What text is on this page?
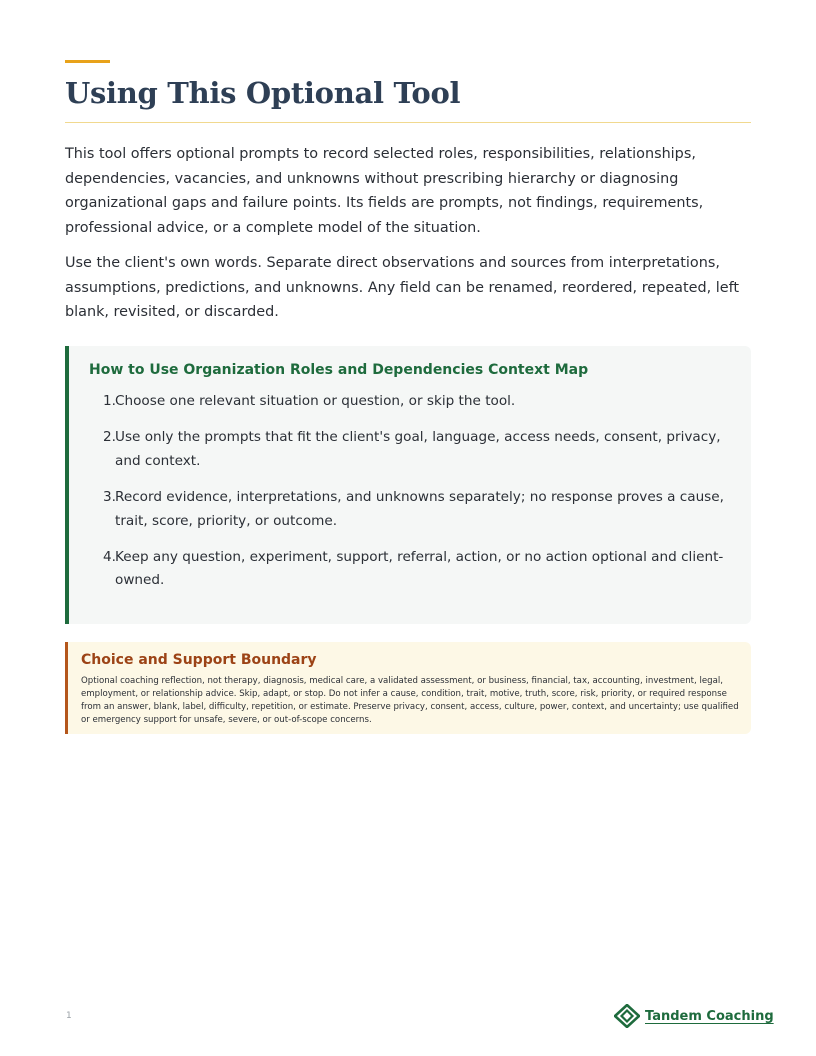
Using This Optional Tool

This tool offers optional prompts to record selected roles, responsibilities, relationships, dependencies, vacancies, and unknowns without prescribing hierarchy or diagnosing organizational gaps and failure points. Its fields are prompts, not findings, requirements, professional advice, or a complete model of the situation.

Use the client's own words. Separate direct observations and sources from interpretations, assumptions, predictions, and unknowns. Any field can be renamed, reordered, repeated, left blank, revisited, or discarded.

How to Use Organization Roles and Dependencies Context Map
1. Choose one relevant situation or question, or skip the tool.
2. Use only the prompts that fit the client's goal, language, access needs, consent, privacy, and context.
3. Record evidence, interpretations, and unknowns separately; no response proves a cause, trait, score, priority, or outcome.
4. Keep any question, experiment, support, referral, action, or no action optional and client-owned.
Choice and Support Boundary

Optional coaching reflection, not therapy, diagnosis, medical care, a validated assessment, or business, financial, tax, accounting, investment, legal, employment, or relationship advice. Skip, adapt, or stop. Do not infer a cause, condition, trait, motive, truth, score, risk, priority, or required response from an answer, blank, label, difficulty, repetition, or estimate. Preserve privacy, consent, access, culture, power, context, and uncertainty; use qualified or emergency support for unsafe, severe, or out-of-scope concerns.

1	Tandem Coaching
